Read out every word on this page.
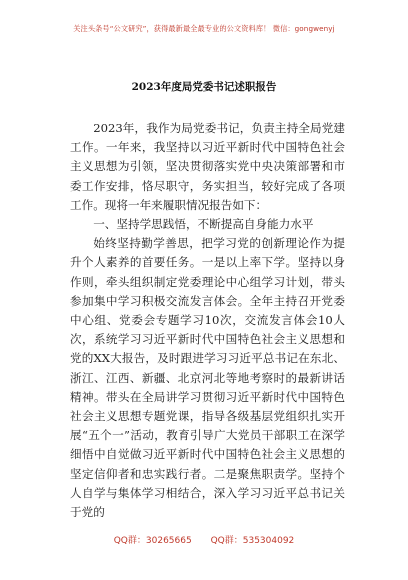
关注头条号“公文研究”，获得最新最全最专业的公文资料库！ 微信：gongwenyj
2023年度局党委书记述职报告

2023年，我作为局党委书记，负责主持全局党建工作。一年来，我坚持以习近平新时代中国特色社会主义思想为引领，坚决贯彻落实党中央决策部署和市委工作安排，恪尽职守，务实担当，较好完成了各项工作。现将一年来履职情况报告如下：

一、坚持学思践悟，不断提高自身能力水平

始终坚持勤学善思，把学习党的创新理论作为提升个人素养的首要任务。一是以上率下学。坚持以身作则，牵头组织制定党委理论中心组学习计划，带头参加集中学习积极交流发言体会。全年主持召开党委中心组、党委会专题学习10次，交流发言体会10人次，系统学习习近平新时代中国特色社会主义思想和党的XX大报告，及时跟进学习习近平总书记在东北、浙江、江西、新疆、北京河北等地考察时的最新讲话精神。带头在全局讲学习贯彻习近平新时代中国特色社会主义思想专题党课，指导各级基层党组织扎实开展“五个一”活动，教育引导广大党员干部职工在深学细悟中自觉做习近平新时代中国特色社会主义思想的坚定信仰者和忠实践行者。二是聚焦职责学。坚持个人自学与集体学习相结合，深入学习习近平总书记关于党的

QQ群：30265665 QQ群：535304092
